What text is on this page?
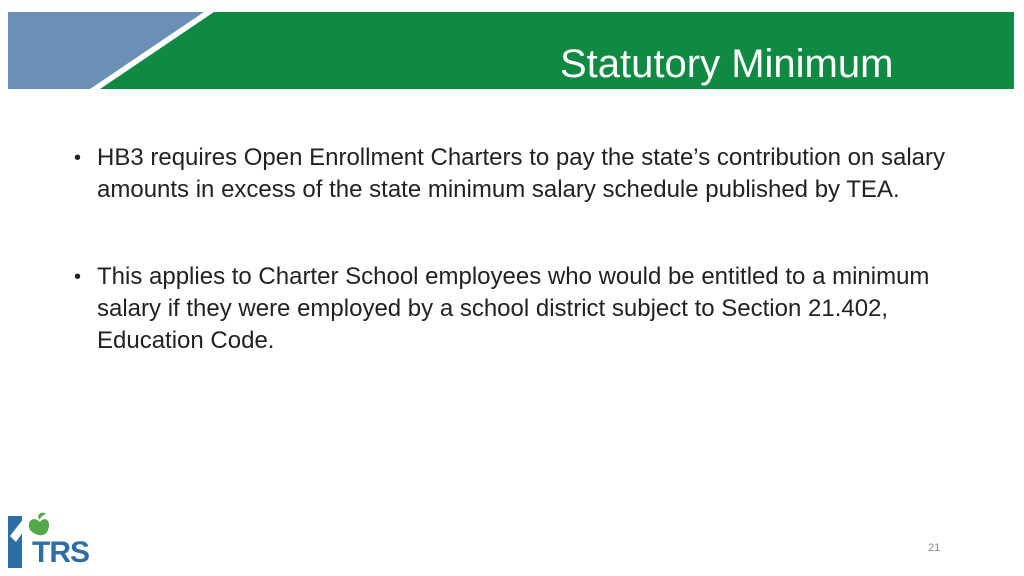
Statutory Minimum
• HB3 requires Open Enrollment Charters to pay the state’s contribution on salary amounts in excess of the state minimum salary schedule published by TEA.
• This applies to Charter School employees who would be entitled to a minimum salary if they were employed by a school district subject to Section 21.402, Education Code.
TRS	21
